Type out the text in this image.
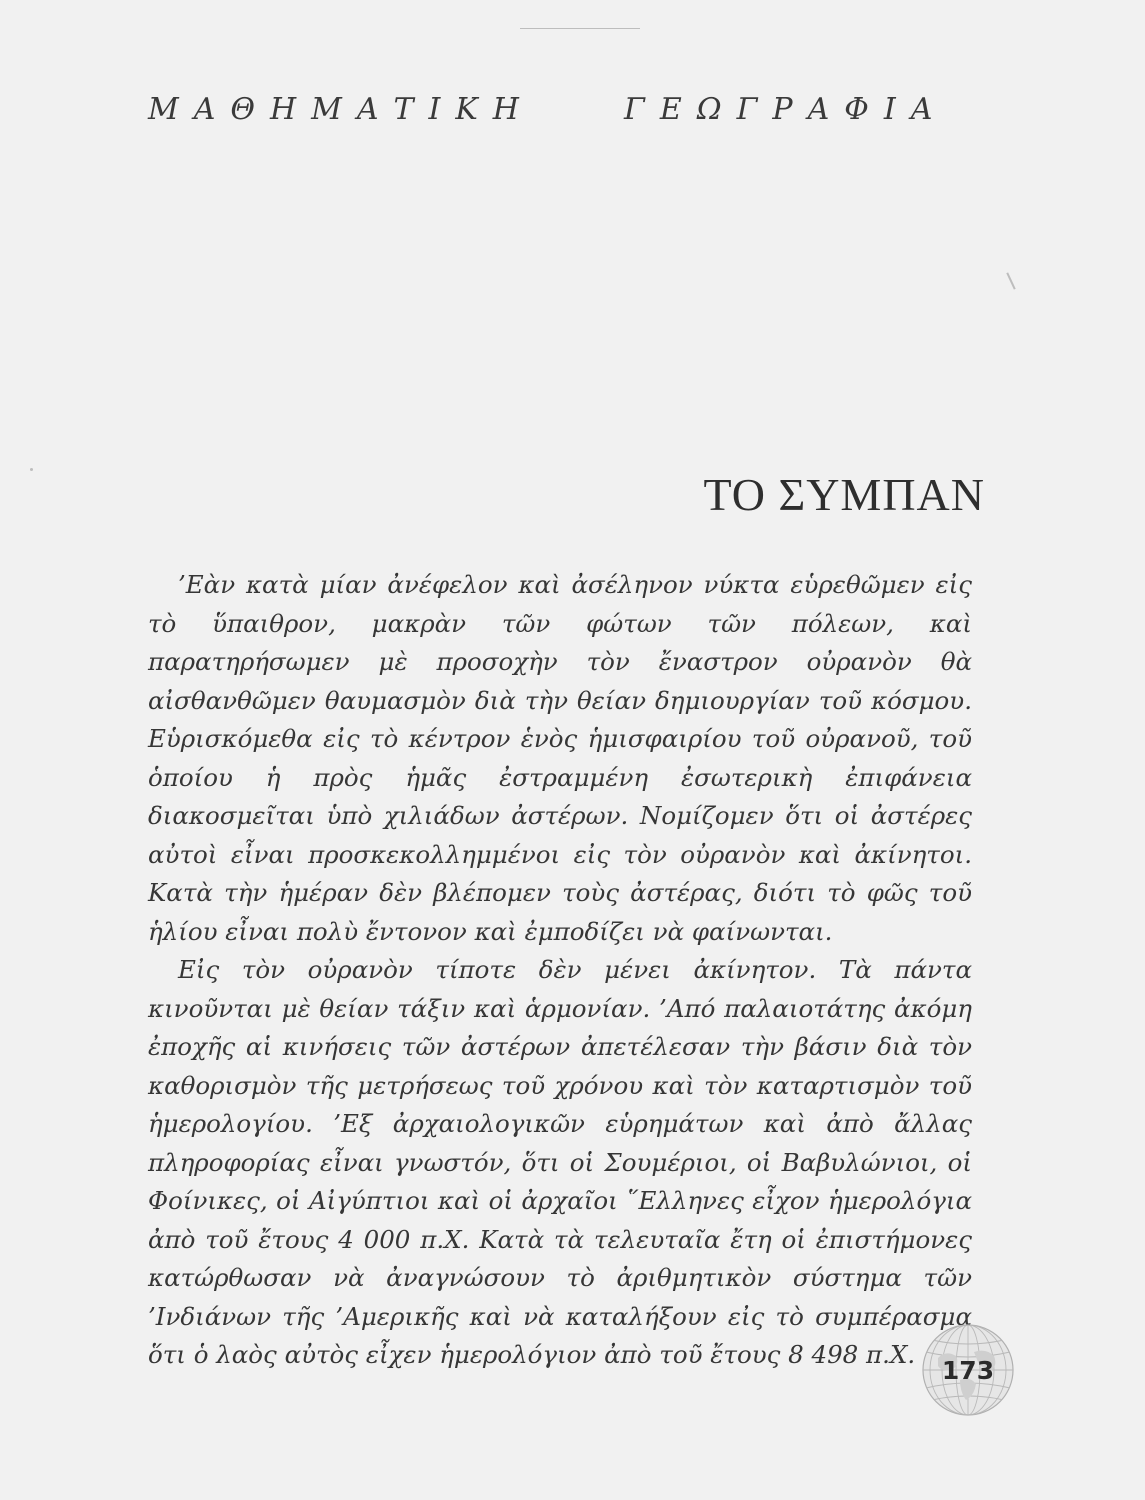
ΜΑΘΗΜΑΤΙΚΗ	ΓΕΩΓΡΑΦΙΑ
ΤΟ ΣΥΜΠΑΝ

’Εὰν κατὰ μίαν ἀνέφελον καὶ ἀσέληνον νύκτα εὑρεθῶμεν εἰς τὸ ὕπαιθρον, μακρὰν τῶν φώτων τῶν πόλεων, καὶ παρατηρήσωμεν μὲ προσοχὴν τὸν ἔναστρον οὐρανὸν θὰ αἰσθανθῶμεν θαυμασμὸν διὰ τὴν θείαν δημιουργίαν τοῦ κόσμου. Εὑρισκόμεθα εἰς τὸ κέντρον ἑνὸς ἡμισφαιρίου τοῦ οὐρανοῦ, τοῦ ὁποίου ἡ πρὸς ἡμᾶς ἐστραμμένη ἐσωτερικὴ ἐπιφάνεια διακοσμεῖται ὑπὸ χιλιάδων ἀστέρων. Νομίζομεν ὅτι οἱ ἀστέρες αὐτοὶ εἶναι προσκεκολλημμένοι εἰς τὸν οὐρανὸν καὶ ἀκίνητοι. Κατὰ τὴν ἡμέραν δὲν βλέπομεν τοὺς ἀστέρας, διότι τὸ φῶς τοῦ ἡλίου εἶναι πολὺ ἔντονον καὶ ἐμποδίζει νὰ φαίνωνται.

Εἰς τὸν οὐρανὸν τίποτε δὲν μένει ἀκίνητον. Τὰ πάντα κινοῦνται μὲ θείαν τάξιν καὶ ἁρμονίαν. ’Από παλαιοτάτης ἀκόμη ἐποχῆς αἱ κινήσεις τῶν ἀστέρων ἀπετέλεσαν τὴν βάσιν διὰ τὸν καθορισμὸν τῆς μετρήσεως τοῦ χρόνου καὶ τὸν καταρτισμὸν τοῦ ἡμερολογίου. ’Εξ ἀρχαιολογικῶν εὑρημάτων καὶ ἀπὸ ἄλλας πληροφορίας εἶναι γνωστόν, ὅτι οἱ Σουμέριοι, οἱ Βαβυλώνιοι, οἱ Φοίνικες, οἱ Αἰγύπτιοι καὶ οἱ ἀρχαῖοι ῞Ελληνες εἶχον ἡμερολόγια ἀπὸ τοῦ ἔτους 4 000 π.Χ. Κατὰ τὰ τελευταῖα ἔτη οἱ ἐπιστήμονες κατώρθωσαν νὰ ἀναγνώσουν τὸ ἀριθμητικὸν σύστημα τῶν ’Ινδιάνων τῆς ’Αμερικῆς καὶ νὰ καταλήξουν εἰς τὸ συμπέρασμα ὅτι ὁ λαὸς αὐτὸς εἶχεν ἡμερολόγιον ἀπὸ τοῦ ἔτους 8 498 π.Χ.

173
